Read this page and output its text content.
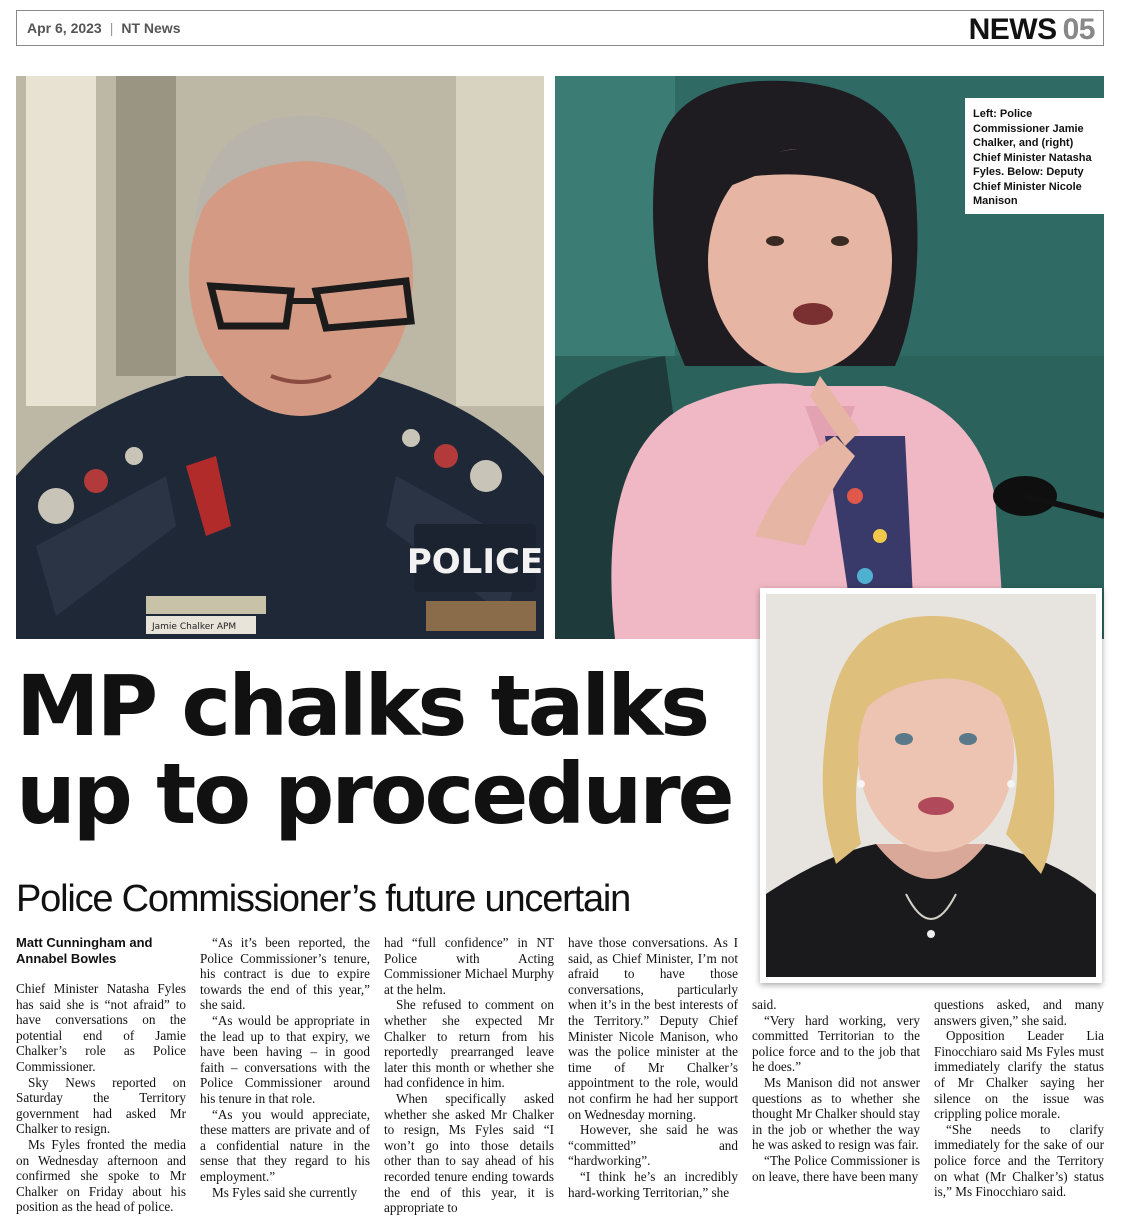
Apr 6, 2023 | NT News	NEWS 05
POLICE
Jamie Chalker APM
Left: Police Commissioner Jamie Chalker, and (right) Chief Minister Natasha Fyles. Below: Deputy Chief Minister Nicole Manison
MP chalks talks
up to procedure
Police Commissioner’s future uncertain
Matt Cunningham and Annabel Bowles

Chief Minister Natasha Fyles has said she is “not afraid” to have conversations on the potential end of Jamie Chalker’s role as Police Commissioner.

Sky News reported on Saturday the Territory government had asked Mr Chalker to resign.

Ms Fyles fronted the media on Wednesday afternoon and confirmed she spoke to Mr Chalker on Friday about his position as the head of police.

“As it’s been reported, the Police Commissioner’s tenure, his contract is due to expire towards the end of this year,” she said.

“As would be appropriate in the lead up to that expiry, we have been having – in good faith – conversations with the Police Commissioner around his tenure in that role.

“As you would appreciate, these matters are private and of a confidential nature in the sense that they regard to his employment.”

Ms Fyles said she currently

had “full confidence” in NT Police with Acting Commissioner Michael Murphy at the helm.

She refused to comment on whether she expected Mr Chalker to return from his reportedly prearranged leave later this month or whether she had confidence in him.

When specifically asked whether she asked Mr Chalker to resign, Ms Fyles said “I won’t go into those details other than to say ahead of his recorded tenure ending towards the end of this year, it is appropriate to

have those conversations. As I said, as Chief Minister, I’m not afraid to have those conversations, particularly when it’s in the best interests of the Territory.” Deputy Chief Minister Nicole Manison, who was the police minister at the time of Mr Chalker’s appointment to the role, would not confirm he had her support on Wednesday morning.

However, she said he was “committed” and “hardworking”.

“I think he’s an incredibly hard-working Territorian,” she

said.

“Very hard working, very committed Territorian to the police force and to the job that he does.”

Ms Manison did not answer questions as to whether she thought Mr Chalker should stay in the job or whether the way he was asked to resign was fair.

“The Police Commissioner is on leave, there have been many

questions asked, and many answers given,” she said.

Opposition Leader Lia Finocchiaro said Ms Fyles must immediately clarify the status of Mr Chalker saying her silence on the issue was crippling police morale.

“She needs to clarify immediately for the sake of our police force and the Territory on what (Mr Chalker’s) status is,” Ms Finocchiaro said.
